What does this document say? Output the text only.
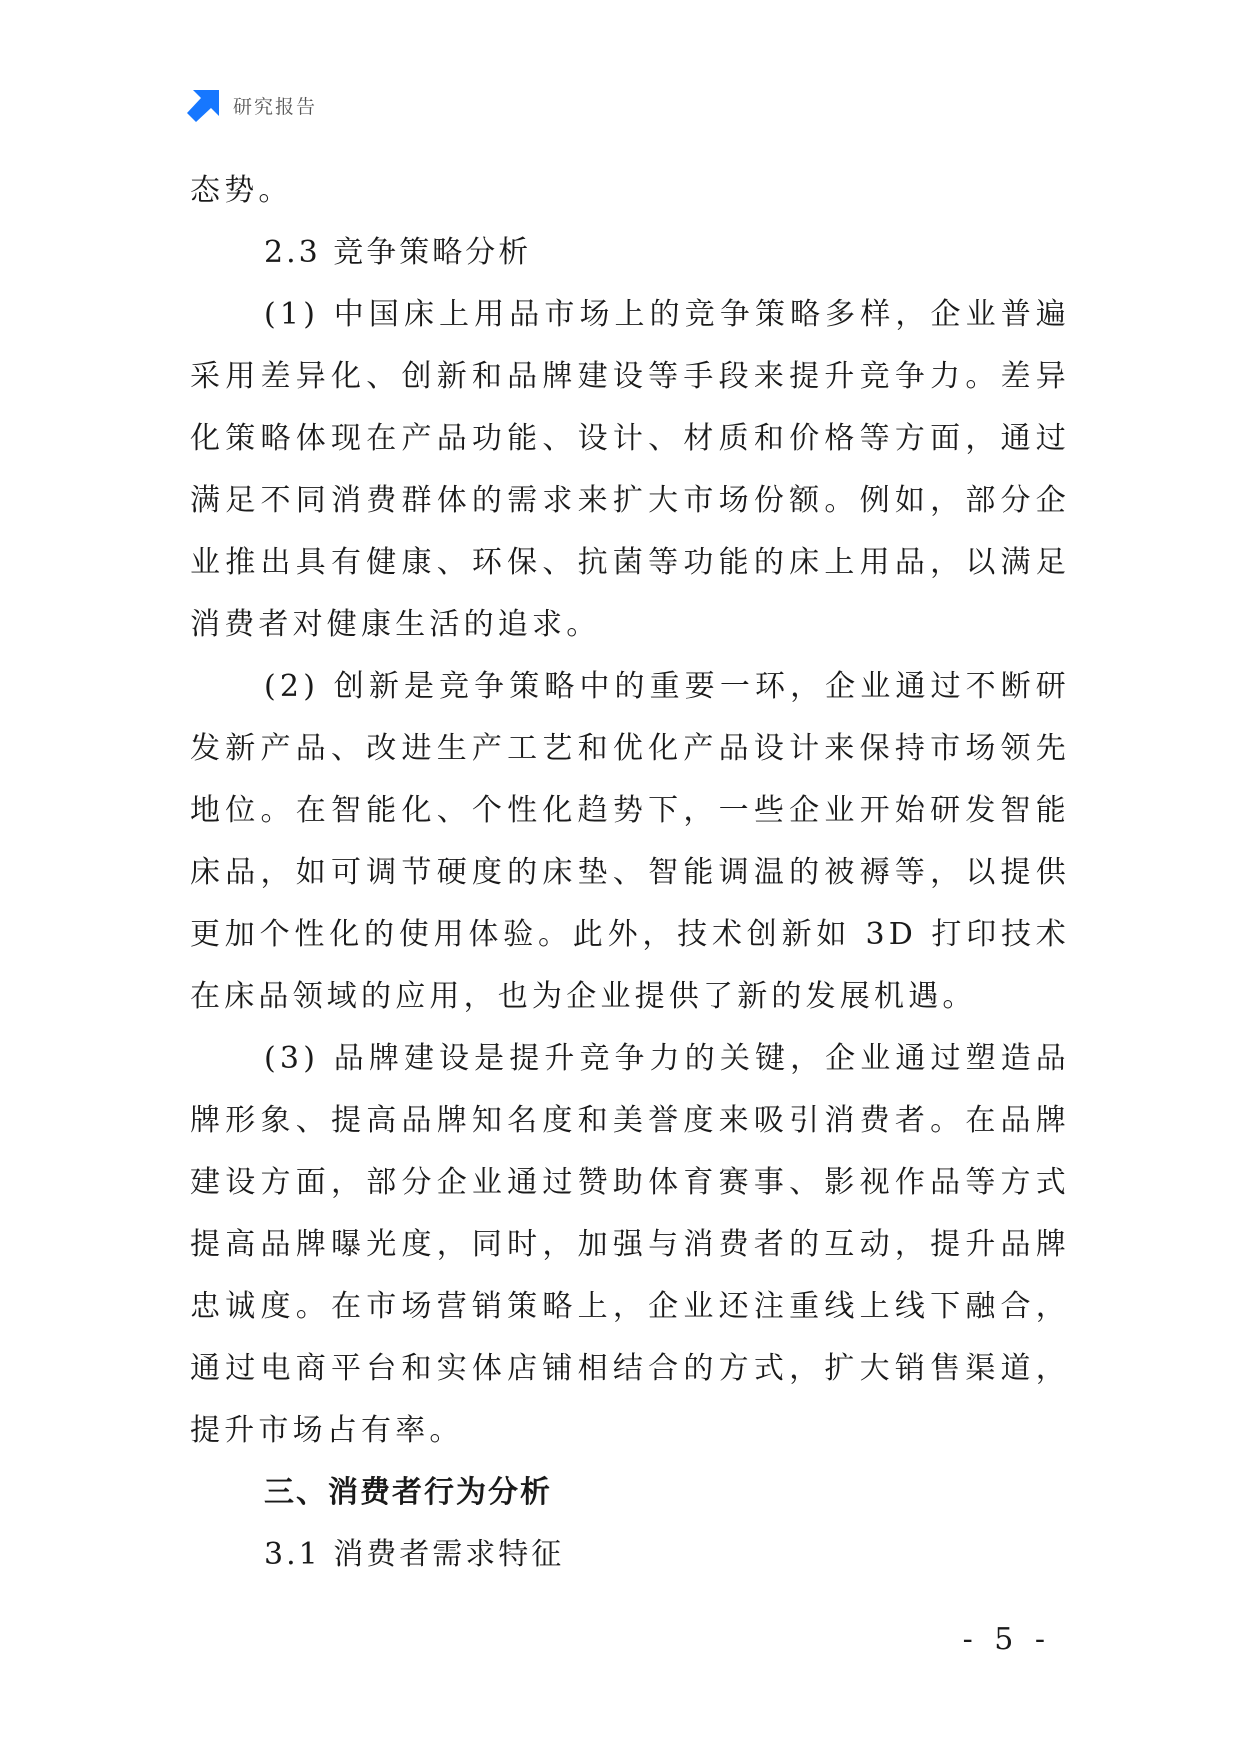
研究报告

态势。

2.3 竞争策略分析

(1) 中国床上用品市场上的竞争策略多样，企业普遍采用差异化、创新和品牌建设等手段来提升竞争力。差异化策略体现在产品功能、设计、材质和价格等方面，通过满足不同消费群体的需求来扩大市场份额。例如，部分企业推出具有健康、环保、抗菌等功能的床上用品，以满足消费者对健康生活的追求。

(2) 创新是竞争策略中的重要一环，企业通过不断研发新产品、改进生产工艺和优化产品设计来保持市场领先地位。在智能化、个性化趋势下，一些企业开始研发智能床品，如可调节硬度的床垫、智能调温的被褥等，以提供更加个性化的使用体验。此外，技术创新如 3D 打印技术在床品领域的应用，也为企业提供了新的发展机遇。

(3) 品牌建设是提升竞争力的关键，企业通过塑造品牌形象、提高品牌知名度和美誉度来吸引消费者。在品牌建设方面，部分企业通过赞助体育赛事、影视作品等方式提高品牌曝光度，同时，加强与消费者的互动，提升品牌忠诚度。在市场营销策略上，企业还注重线上线下融合，通过电商平台和实体店铺相结合的方式，扩大销售渠道，提升市场占有率。

三、消费者行为分析

3.1 消费者需求特征

- 5 -
